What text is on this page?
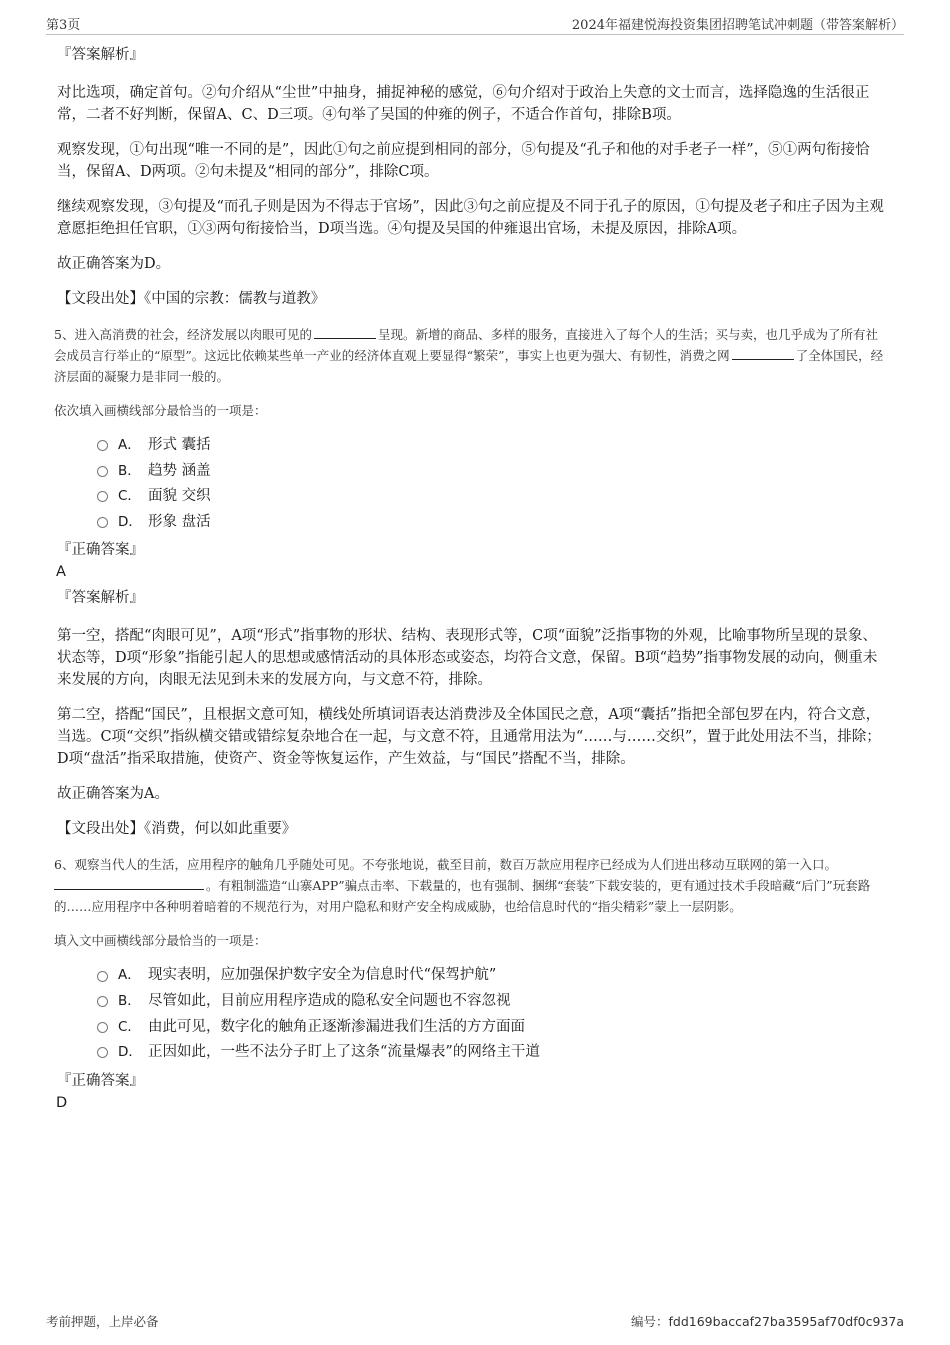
第3页	2024年福建悦海投资集团招聘笔试冲刺题（带答案解析）

『答案解析』

对比选项，确定首句。②句介绍从“尘世”中抽身，捕捉神秘的感觉，⑥句介绍对于政治上失意的文士而言，选择隐逸的生活很正常，二者不好判断，保留A、C、D三项。④句举了吴国的仲雍的例子，不适合作首句，排除B项。

观察发现，①句出现“唯一不同的是”，因此①句之前应提到相同的部分，⑤句提及“孔子和他的对手老子一样”，⑤①两句衔接恰当，保留A、D两项。②句未提及“相同的部分”，排除C项。

继续观察发现，③句提及“而孔子则是因为不得志于官场”，因此③句之前应提及不同于孔子的原因，①句提及老子和庄子因为主观意愿拒绝担任官职，①③两句衔接恰当，D项当选。④句提及吴国的仲雍退出官场，未提及原因，排除A项。

故正确答案为D。

【文段出处】《中国的宗教：儒教与道教》

5、进入高消费的社会，经济发展以肉眼可见的	呈现。新增的商品、多样的服务，直接进入了每个人的生活；买与卖，也几乎成为了所有社会成员言行举止的“原型”。这远比依赖某些单一产业的经济体直观上要显得“繁荣”，事实上也更为强大、有韧性，消费之网	了全体国民，经济层面的凝聚力是非同一般的。

依次填入画横线部分最恰当的一项是：

A． 形式 囊括
B． 趋势 涵盖
C． 面貌 交织
D． 形象 盘活

『正确答案』

A

『答案解析』

第一空，搭配“肉眼可见”，A项“形式”指事物的形状、结构、表现形式等，C项“面貌”泛指事物的外观，比喻事物所呈现的景象、状态等，D项“形象”指能引起人的思想或感情活动的具体形态或姿态，均符合文意，保留。B项“趋势”指事物发展的动向，侧重未来发展的方向，肉眼无法见到未来的发展方向，与文意不符，排除。

第二空，搭配“国民”，且根据文意可知，横线处所填词语表达消费涉及全体国民之意，A项“囊括”指把全部包罗在内，符合文意，当选。C项“交织”指纵横交错或错综复杂地合在一起，与文意不符，且通常用法为“……与……交织”，置于此处用法不当，排除；D项“盘活”指采取措施，使资产、资金等恢复运作，产生效益，与“国民”搭配不当，排除。

故正确答案为A。

【文段出处】《消费，何以如此重要》

6、观察当代人的生活，应用程序的触角几乎随处可见。不夸张地说，截至目前，数百万款应用程序已经成为人们进出移动互联网的第一入口。。有粗制滥造“山寨APP”骗点击率、下载量的，也有强制、捆绑“套装”下载安装的，更有通过技术手段暗藏“后门”玩套路的……应用程序中各种明着暗着的不规范行为，对用户隐私和财产安全构成威胁，也给信息时代的“指尖精彩”蒙上一层阴影。

填入文中画横线部分最恰当的一项是：

A． 现实表明，应加强保护数字安全为信息时代“保驾护航”
B． 尽管如此，目前应用程序造成的隐私安全问题也不容忽视
C． 由此可见，数字化的触角正逐渐渗漏进我们生活的方方面面
D． 正因如此，一些不法分子盯上了这条“流量爆表”的网络主干道

『正确答案』

D

考前押题，上岸必备	编号：fdd169baccaf27ba3595af70df0c937a
